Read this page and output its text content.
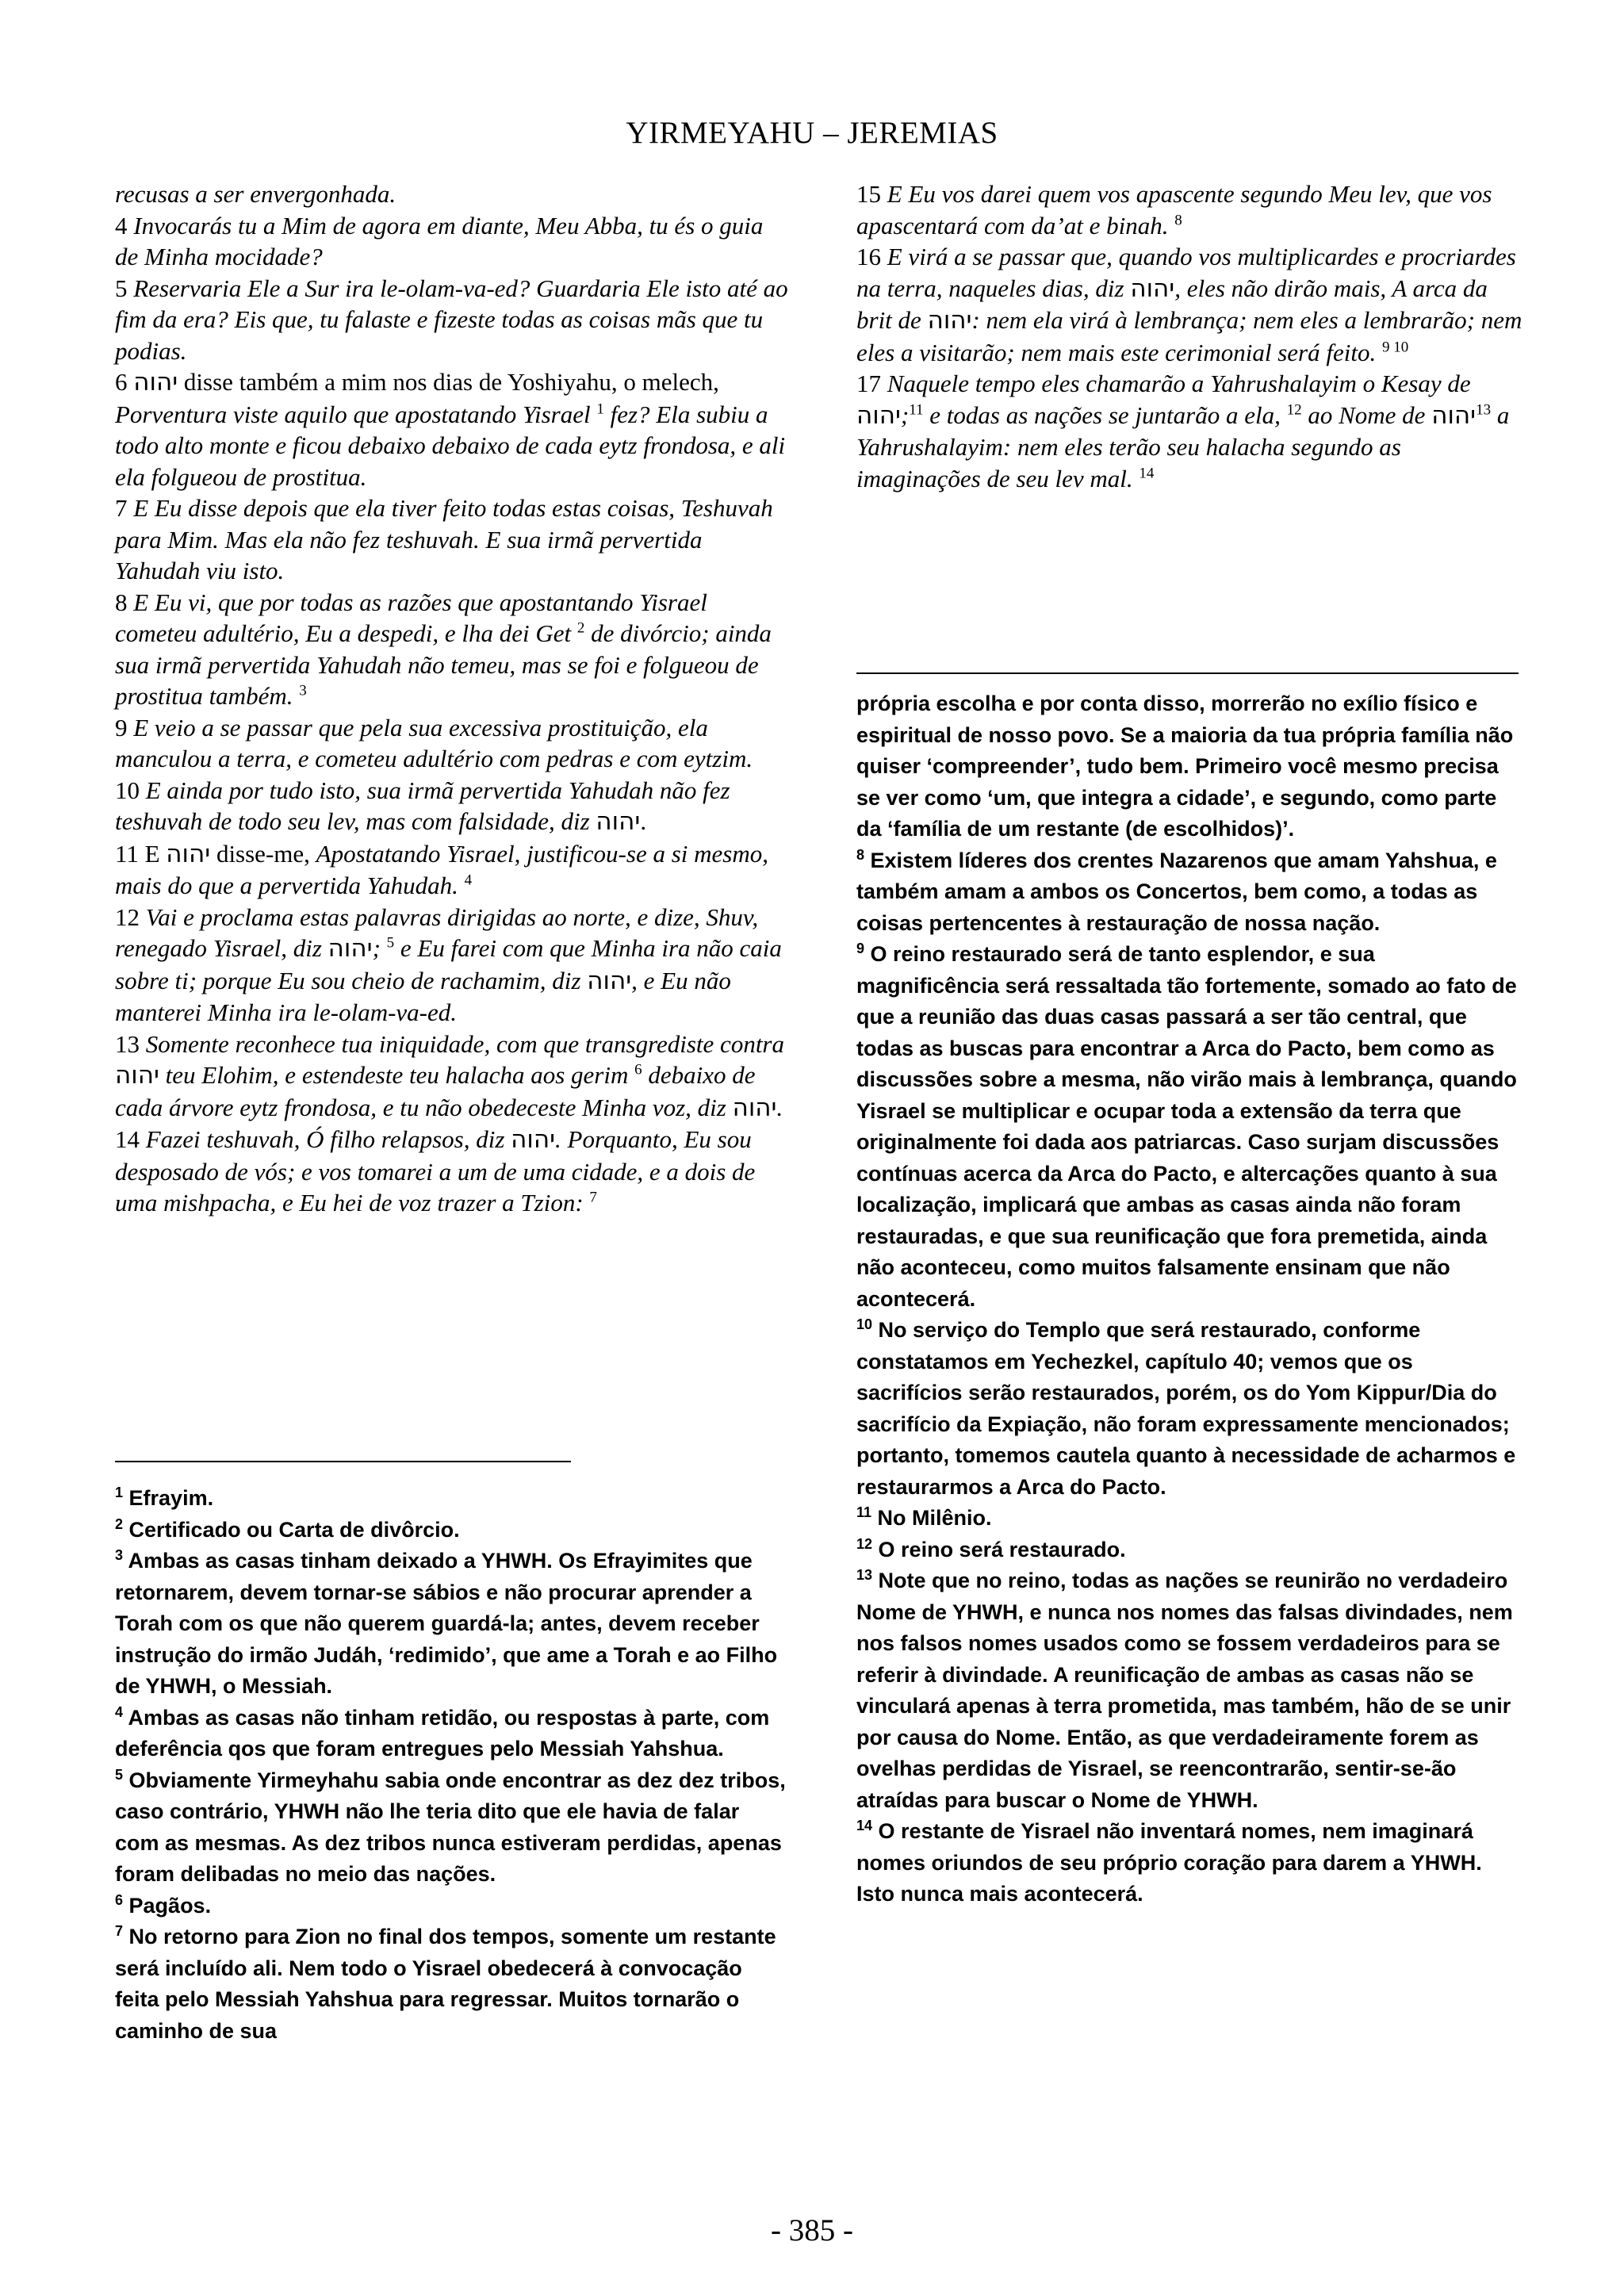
YIRMEYAHU – JEREMIAS

recusas a ser envergonhada.

4 Invocarás tu a Mim de agora em diante, Meu Abba, tu és o guia de Minha mocidade?

5 Reservaria Ele a Sur ira le-olam-va-ed? Guardaria Ele isto até ao fim da era? Eis que, tu falaste e fizeste todas as coisas mãs que tu podias.

6 יהוה disse também a mim nos dias de Yoshiyahu, o melech, Porventura viste aquilo que apostatando Yisrael $^1$ fez? Ela subiu a todo alto monte e ficou debaixo debaixo de cada eytz frondosa, e ali ela folgueou de prostitua.

7 E Eu disse depois que ela tiver feito todas estas coisas, Teshuvah para Mim. Mas ela não fez teshuvah. E sua irmã pervertida Yahudah viu isto.

8 E Eu vi, que por todas as razões que apostantando Yisrael cometeu adultério, Eu a despedi, e lha dei Get $^2$ de divórcio; ainda sua irmã pervertida Yahudah não temeu, mas se foi e folgueou de prostitua também. $^3$

9 E veio a se passar que pela sua excessiva prostituição, ela manculou a terra, e cometeu adultério com pedras e com eytzim.

10 E ainda por tudo isto, sua irmã pervertida Yahudah não fez teshuvah de todo seu lev, mas com falsidade, diz יהוה.

11 E יהוה disse-me, Apostatando Yisrael, justificou-se a si mesmo, mais do que a pervertida Yahudah. $^4$

12 Vai e proclama estas palavras dirigidas ao norte, e dize, Shuv, renegado Yisrael, diz יהוה; $^5$ e Eu farei com que Minha ira não caia sobre ti; porque Eu sou cheio de rachamim, diz יהוה, e Eu não manterei Minha ira le-olam-va-ed.

13 Somente reconhece tua iniquidade, com que transgrediste contra יהוה teu Elohim, e estendeste teu halacha aos gerim $^6$ debaixo de cada árvore eytz frondosa, e tu não obedeceste Minha voz, diz יהוה.

14 Fazei teshuvah, Ó filho relapsos, diz יהוה. Porquanto, Eu sou desposado de vós; e vos tomarei a um de uma cidade, e a dois de uma mishpacha, e Eu hei de voz trazer a Tzion: $^7$

15 E Eu vos darei quem vos apascente segundo Meu lev, que vos apascentará com da’at e binah. $^8$

16 E virá a se passar que, quando vos multiplicardes e procriardes na terra, naqueles dias, diz יהוה, eles não dirão mais, A arca da brit de יהוה: nem ela virá à lembrança; nem eles a lembrarão; nem eles a visitarão; nem mais este cerimonial será feito. $^{9 10}$

17 Naquele tempo eles chamarão a Yahrushalayim o Kesay de יהוה;$^{11}$ e todas as nações se juntarão a ela, $^{12}$ ao Nome de יהוה$^{13}$ a Yahrushalayim: nem eles terão seu halacha segundo as imaginações de seu lev mal. $^{14}$

$^1$ Efrayim.

$^2$ Certificado ou Carta de divôrcio.

$^3$ Ambas as casas tinham deixado a YHWH. Os Efrayimites que retornarem, devem tornar-se sábios e não procurar aprender a Torah com os que não querem guardá-la; antes, devem receber instrução do irmão Judáh, ‘redimido’, que ame a Torah e ao Filho de YHWH, o Messiah.

$^4$ Ambas as casas não tinham retidão, ou respostas à parte, com deferência qos que foram entregues pelo Messiah Yahshua.

$^5$ Obviamente Yirmeyhahu sabia onde encontrar as dez dez tribos, caso contrário, YHWH não lhe teria dito que ele havia de falar com as mesmas. As dez tribos nunca estiveram perdidas, apenas foram delibadas no meio das nações.

$^6$ Pagãos.

$^7$ No retorno para Zion no final dos tempos, somente um restante será incluído ali. Nem todo o Yisrael obedecerá à convocação feita pelo Messiah Yahshua para regressar. Muitos tornarão o caminho de sua

própria escolha e por conta disso, morrerão no exílio físico e espiritual de nosso povo. Se a maioria da tua própria família não quiser ‘compreender’, tudo bem. Primeiro você mesmo precisa se ver como ‘um, que integra a cidade’, e segundo, como parte da ‘família de um restante (de escolhidos)’.

$^8$ Existem líderes dos crentes Nazarenos que amam Yahshua, e também amam a ambos os Concertos, bem como, a todas as coisas pertencentes à restauração de nossa nação.

$^9$ O reino restaurado será de tanto esplendor, e sua magnificência será ressaltada tão fortemente, somado ao fato de que a reunião das duas casas passará a ser tão central, que todas as buscas para encontrar a Arca do Pacto, bem como as discussões sobre a mesma, não virão mais à lembrança, quando Yisrael se multiplicar e ocupar toda a extensão da terra que originalmente foi dada aos patriarcas. Caso surjam discussões contínuas acerca da Arca do Pacto, e altercações quanto à sua localização, implicará que ambas as casas ainda não foram restauradas, e que sua reunificação que fora premetida, ainda não aconteceu, como muitos falsamente ensinam que não acontecerá.

$^{10}$ No serviço do Templo que será restaurado, conforme constatamos em Yechezkel, capítulo 40; vemos que os sacrifícios serão restaurados, porém, os do Yom Kippur/Dia do sacrifício da Expiação, não foram expressamente mencionados; portanto, tomemos cautela quanto à necessidade de acharmos e restaurarmos a Arca do Pacto.

$^{11}$ No Milênio.

$^{12}$ O reino será restaurado.

$^{13}$ Note que no reino, todas as nações se reunirão no verdadeiro Nome de YHWH, e nunca nos nomes das falsas divindades, nem nos falsos nomes usados como se fossem verdadeiros para se referir à divindade. A reunificação de ambas as casas não se vinculará apenas à terra prometida, mas também, hão de se unir por causa do Nome. Então, as que verdadeiramente forem as ovelhas perdidas de Yisrael, se reencontrarão, sentir-se-ão atraídas para buscar o Nome de YHWH.

$^{14}$ O restante de Yisrael não inventará nomes, nem imaginará nomes oriundos de seu próprio coração para darem a YHWH. Isto nunca mais acontecerá.

- 385 -
